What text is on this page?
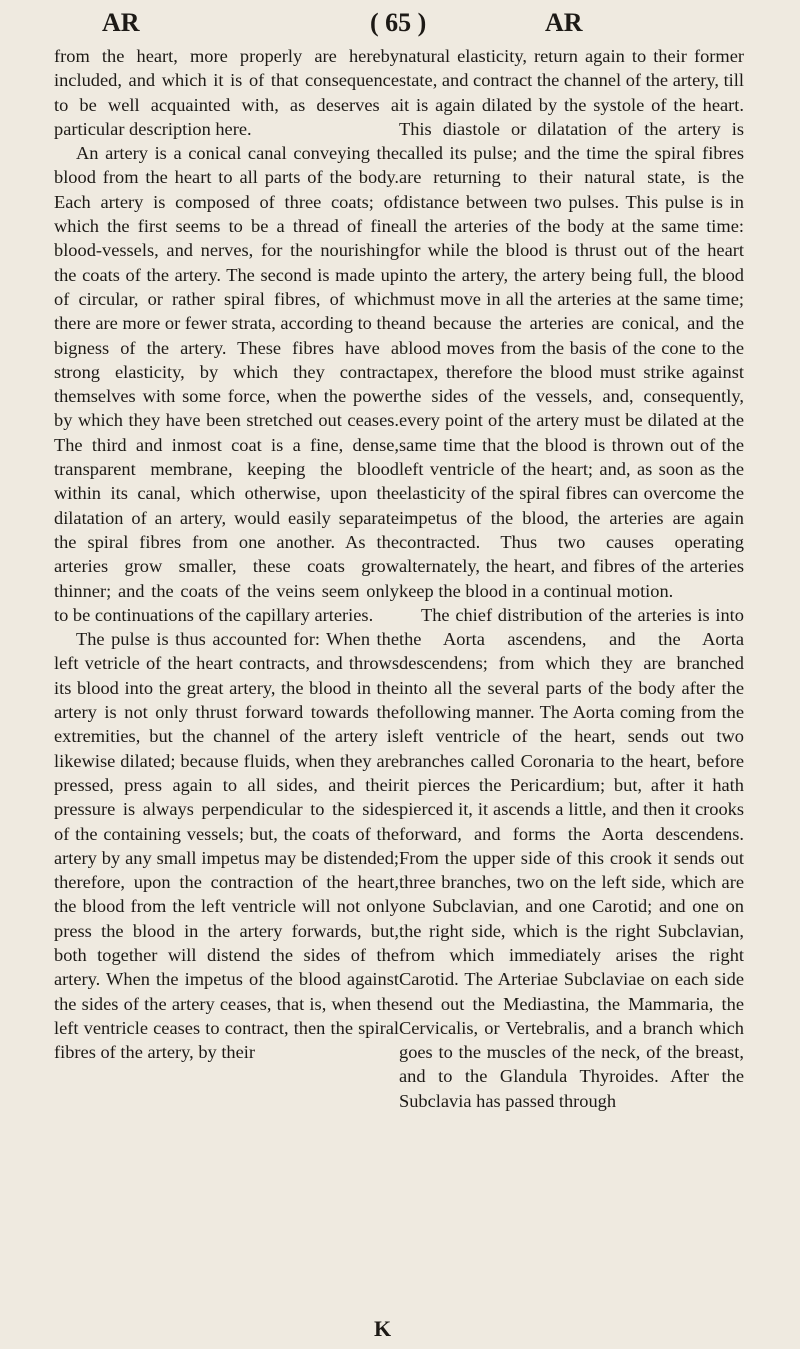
AR	( 65 )	AR

from the heart, more properly are hereby included, and which it is of that consequence to be well acquainted with, as deserves a particular description here.

An artery is a conical canal conveying the blood from the heart to all parts of the body. Each artery is composed of three coats; of which the first seems to be a thread of fine blood-vessels, and nerves, for the nourishing the coats of the artery. The second is made up of circular, or rather spiral fibres, of which there are more or fewer strata, according to the bigness of the artery. These fibres have a strong elasticity, by which they contract themselves with some force, when the power by which they have been stretched out ceases. The third and inmost coat is a fine, dense, transparent membrane, keeping the blood within its canal, which otherwise, upon the dilatation of an artery, would easily separate the spiral fibres from one another. As the arteries grow smaller, these coats grow thinner; and the coats of the veins seem only to be continuations of the capillary arteries.

The pulse is thus accounted for: When the left vetricle of the heart contracts, and throws its blood into the great artery, the blood in the artery is not only thrust forward towards the extremities, but the channel of the artery is likewise dilated; because fluids, when they are pressed, press again to all sides, and their pressure is always perpendicular to the sides of the containing vessels; but, the coats of the artery by any small impetus may be distended; therefore, upon the contraction of the heart, the blood from the left ventricle will not only press the blood in the artery forwards, but, both together will distend the sides of the artery. When the impetus of the blood against the sides of the artery ceases, that is, when the left ventricle ceases to contract, then the spiral fibres of the artery, by their

natural elasticity, return again to their former state, and contract the channel of the artery, till it is again dilated by the systole of the heart. This diastole or dilatation of the artery is called its pulse; and the time the spiral fibres are returning to their natural state, is the distance between two pulses. This pulse is in all the arteries of the body at the same time: for while the blood is thrust out of the heart into the artery, the artery being full, the blood must move in all the arteries at the same time; and because the arteries are conical, and the blood moves from the basis of the cone to the apex, therefore the blood must strike against the sides of the vessels, and, consequently, every point of the artery must be dilated at the same time that the blood is thrown out of the left ventricle of the heart; and, as soon as the elasticity of the spiral fibres can overcome the impetus of the blood, the arteries are again contracted. Thus two causes operating alternately, the heart, and fibres of the arteries keep the blood in a continual motion.

The chief distribution of the arteries is into the Aorta ascendens, and the Aorta descendens; from which they are branched into all the several parts of the body after the following manner. The Aorta coming from the left ventricle of the heart, sends out two branches called Coronaria to the heart, before it pierces the Pericardium; but, after it hath pierced it, it ascends a little, and then it crooks forward, and forms the Aorta descendens. From the upper side of this crook it sends out three branches, two on the left side, which are one Subclavian, and one Carotid; and one on the right side, which is the right Subclavian, from which immediately arises the right Carotid. The Arteriae Subclaviae on each side send out the Mediastina, the Mammaria, the Cervicalis, or Vertebralis, and a branch which goes to the muscles of the neck, of the breast, and to the Glandula Thyroides. After the Subclavia has passed through

K
